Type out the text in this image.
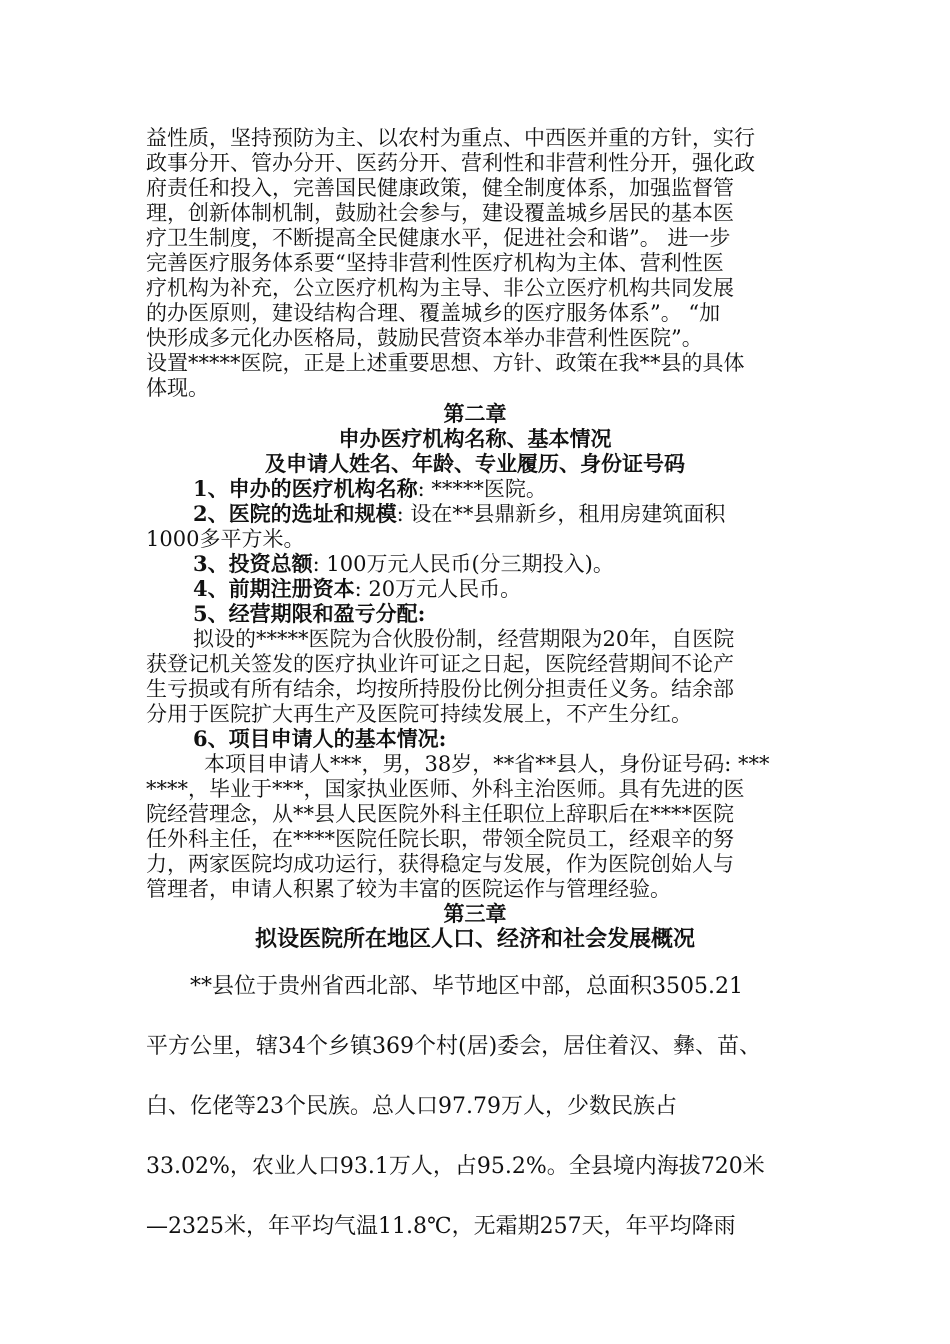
益性质，坚持预防为主、以农村为重点、中西医并重的方针，实行
政事分开、管办分开、医药分开、营利性和非营利性分开，强化政
府责任和投入，完善国民健康政策，健全制度体系，加强监督管
理，创新体制机制，鼓励社会参与，建设覆盖城乡居民的基本医
疗卫生制度，不断提高全民健康水平，促进社会和谐”。 进一步
完善医疗服务体系要“坚持非营利性医疗机构为主体、营利性医
疗机构为补充，公立医疗机构为主导、非公立医疗机构共同发展
的办医原则，建设结构合理、覆盖城乡的医疗服务体系”。 “加
快形成多元化办医格局，鼓励民营资本举办非营利性医院”。
设置*****医院，正是上述重要思想、方针、政策在我**县的具体
体现。
第二章
申办医疗机构名称、基本情况
及申请人姓名、年龄、专业履历、身份证号码
1、申办的医疗机构名称: *****医院。
2、医院的选址和规模: 设在**县鼎新乡，租用房建筑面积
1000多平方米。
3、投资总额: 100万元人民币(分三期投入)。
4、前期注册资本: 20万元人民币。
5、经营期限和盈亏分配:
拟设的*****医院为合伙股份制，经营期限为20年，自医院
获登记机关签发的医疗执业许可证之日起，医院经营期间不论产
生亏损或有所有结余，均按所持股份比例分担责任义务。结余部
分用于医院扩大再生产及医院可持续发展上，不产生分红。
6、项目申请人的基本情况:
本项目申请人***，男，38岁，**省**县人，身份证号码: ***
****，毕业于***，国家执业医师、外科主治医师。具有先进的医
院经营理念，从**县人民医院外科主任职位上辞职后在****医院
任外科主任，在****医院任院长职，带领全院员工，经艰辛的努
力，两家医院均成功运行，获得稳定与发展，作为医院创始人与
管理者，申请人积累了较为丰富的医院运作与管理经验。
第三章
拟设医院所在地区人口、经济和社会发展概况
**县位于贵州省西北部、毕节地区中部，总面积3505.21
平方公里，辖34个乡镇369个村(居)委会，居住着汉、彝、苗、
白、仡佬等23个民族。总人口97.79万人，少数民族占
33.02%，农业人口93.1万人，占95.2%。全县境内海拔720米
—2325米，年平均气温11.8℃，无霜期257天，年平均降雨
